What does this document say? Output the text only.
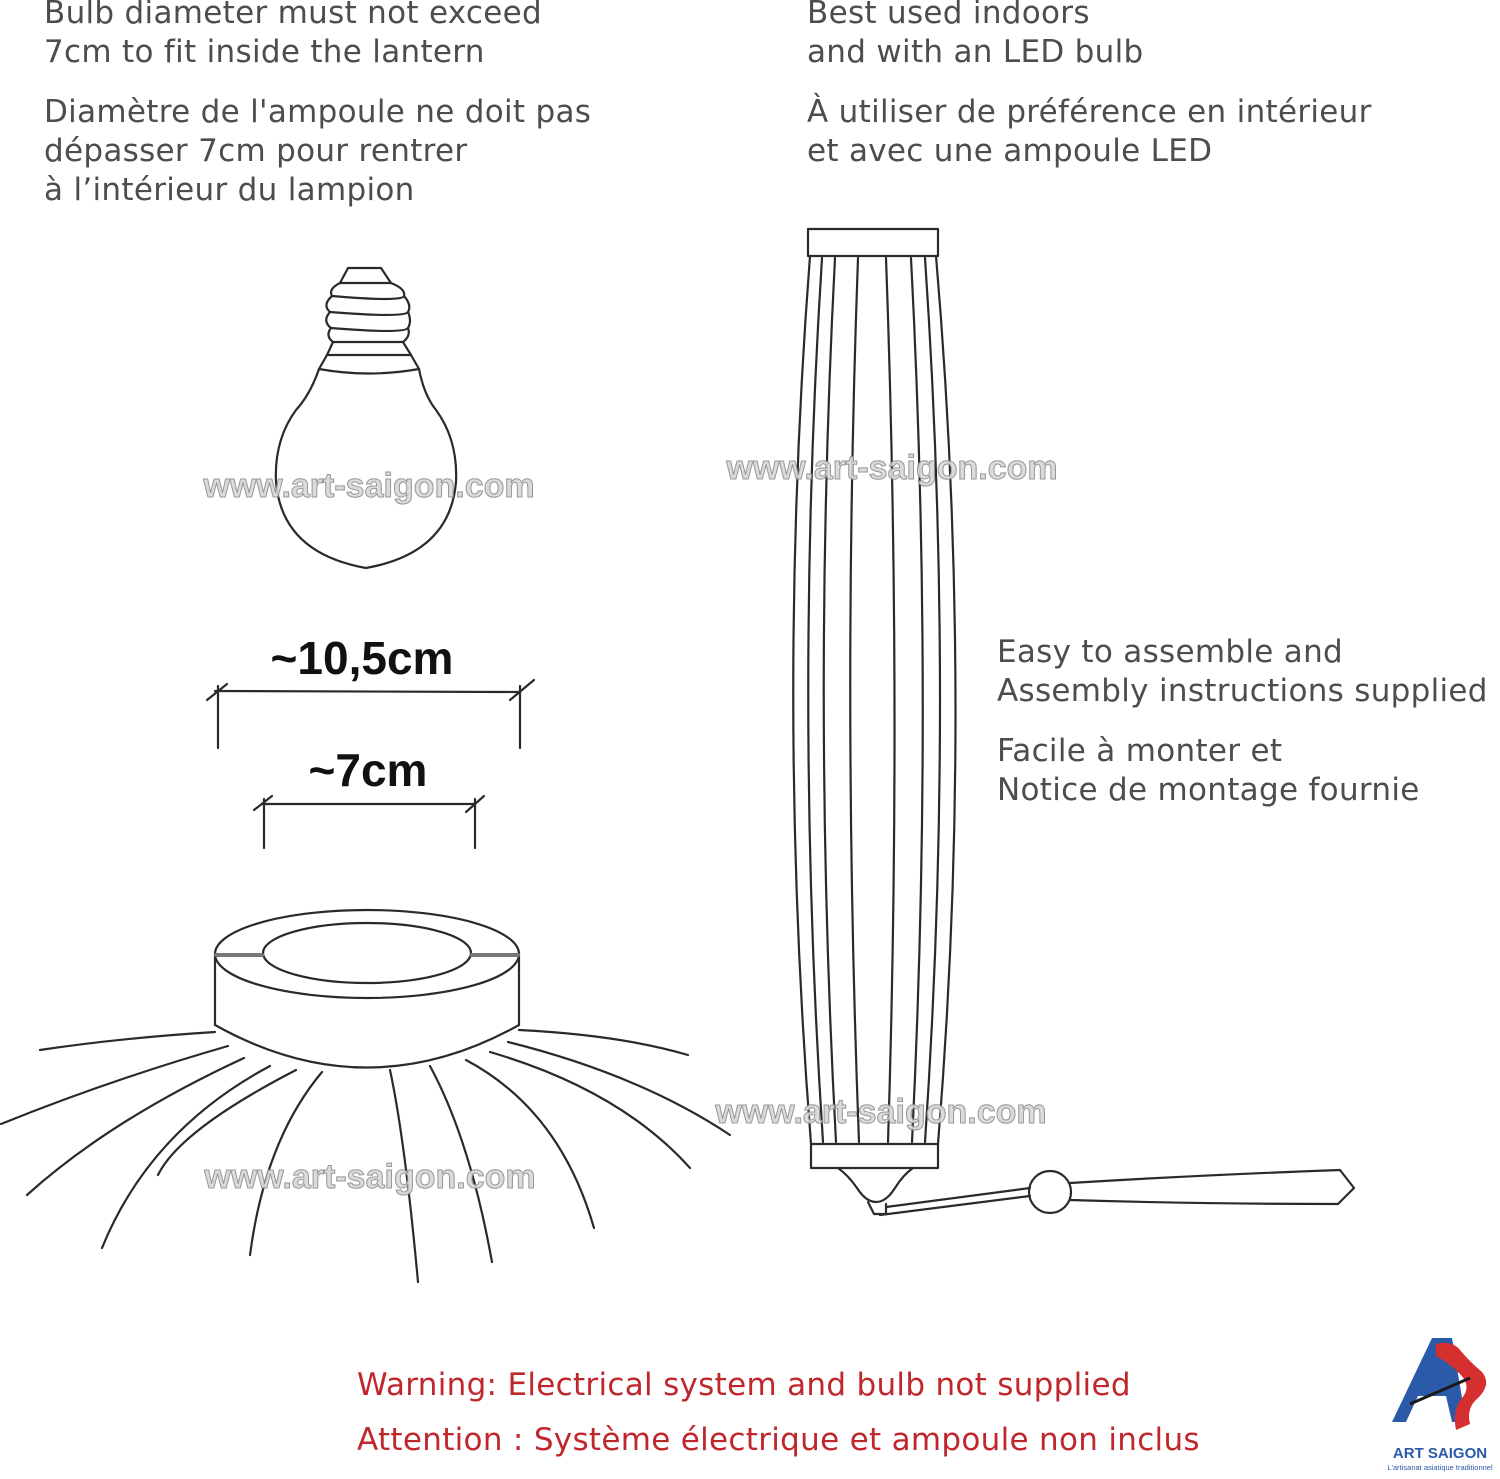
Bulb diameter must not exceed
7cm to fit inside the lantern
Diamètre de l'ampoule ne doit pas
dépasser 7cm pour rentrer
à l’intérieur du lampion
Best used indoors
and with an LED bulb
À utiliser de préférence en intérieur
et avec une ampoule LED
Easy to assemble and
Assembly instructions supplied
Facile à monter et
Notice de montage fournie
~10,5cm
~7cm
www.art-saigon.com	www.art-saigon.com
www.art-saigon.com
www.art-saigon.com
ART SAIGON
L'artisanat asiatique traditionnel

Warning: Electrical system and bulb not supplied

Attention : Système électrique et ampoule non inclus
